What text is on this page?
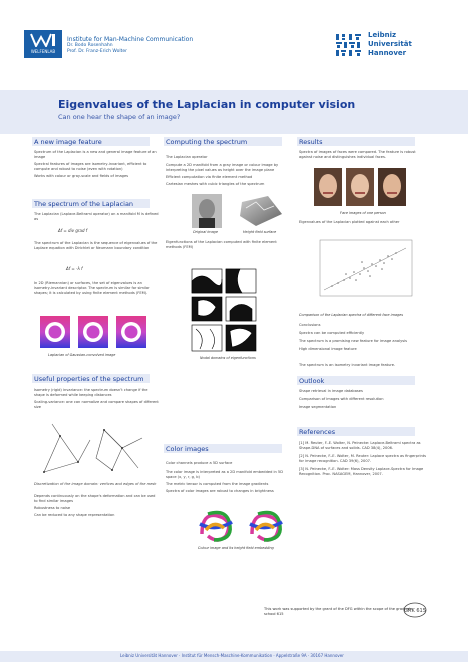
WELFENLAB
Institute for Man-Machine Communication
Dr. Bodo Rosenhahn
Prof. Dr. Franz-Erich Wolter
Leibniz
Universität
Hannover
Eigenvalues of the Laplacian in computer vision
Can one hear the shape of an image?
A new image feature
Spectrum of the Laplacian is a new and general image feature of an image
Spectral features of images are isometry-invariant, efficient to compute and robust to noise (even with rotation)
Works with colour or gray-scale and fields of images
The spectrum of the Laplacian
The Laplacian (Laplace-Beltrami operator) on a manifold M is defined as
Δf = div grad f
The spectrum of the Laplacian is the sequence of eigenvalues of the Laplace equation with Dirichlet or Neumann boundary condition
Δf = -λ f
In 2D (Riemannian) or surfaces, the set of eigenvalues is an isometry-invariant descriptor. The spectrum is similar for similar shapes; it is calculated by using finite element methods (FEM).
Laplacian of Gaussian-convolved image
Useful properties of the spectrum
Isometry (rigid) invariance: the spectrum doesn’t change if the shape is deformed while keeping distances
Scaling-variance: one can normalize and compare shapes of different size
Discretization of the image domain: vertices and edges of the mesh
Depends continuously on the shape's deformation and can be used to find similar images
Robustness to noise
Can be reduced to any shape representation
Computing the spectrum
The Laplacian operator
Compute a 2D manifold from a gray image or colour image by interpreting the pixel values as height over the image plane
Efficient computation via finite element method
Cartesian meshes with cubic triangles of the spectrum
Original image	Height field surface
Eigenfunctions of the Laplacian computed with finite element methods (FEM)
Nodal domains of eigenfunctions
Color images
Color channels produce a 5D surface
The color image is interpreted as a 2D manifold embedded in 5D space (x, y, r, g, b)
The metric tensor is computed from the image gradients
Spectra of color images are robust to changes in brightness
Colour image and its height field embedding
Results
Spectra of images of faces were compared. The feature is robust against noise and distinguishes individual faces.
Face images of one person
Eigenvalues of the Laplacian plotted against each other
Comparison of the Laplacian spectra of different face images
Conclusions
Spectra can be computed efficiently
The spectrum is a promising new feature for image analysis
High dimensional image feature
The spectrum is an isometry invariant image feature.
Outlook
Shape retrieval in image databases
Comparison of images with different resolution
Image segmentation
References
[1] M. Reuter, F.-E. Wolter, N. Peinecke: Laplace-Beltrami spectra as Shape-DNA of surfaces and solids. CAD 38(4), 2006.
[2] N. Peinecke, F.-E. Wolter, M. Reuter: Laplace spectra as fingerprints for image recognition. CAD 39(6), 2007.
[3] N. Peinecke, F.-E. Wolter: Mass Density Laplace-Spectra for Image Recognition. Proc. NASAGEM, Hannover, 2007.
This work was supported by the grant of the DFG within the scope of the graduate school 615	GRK 615
Leibniz Universität Hannover · Institut für Mensch-Maschine-Kommunikation · Appelstraße 9A · 30167 Hannover
